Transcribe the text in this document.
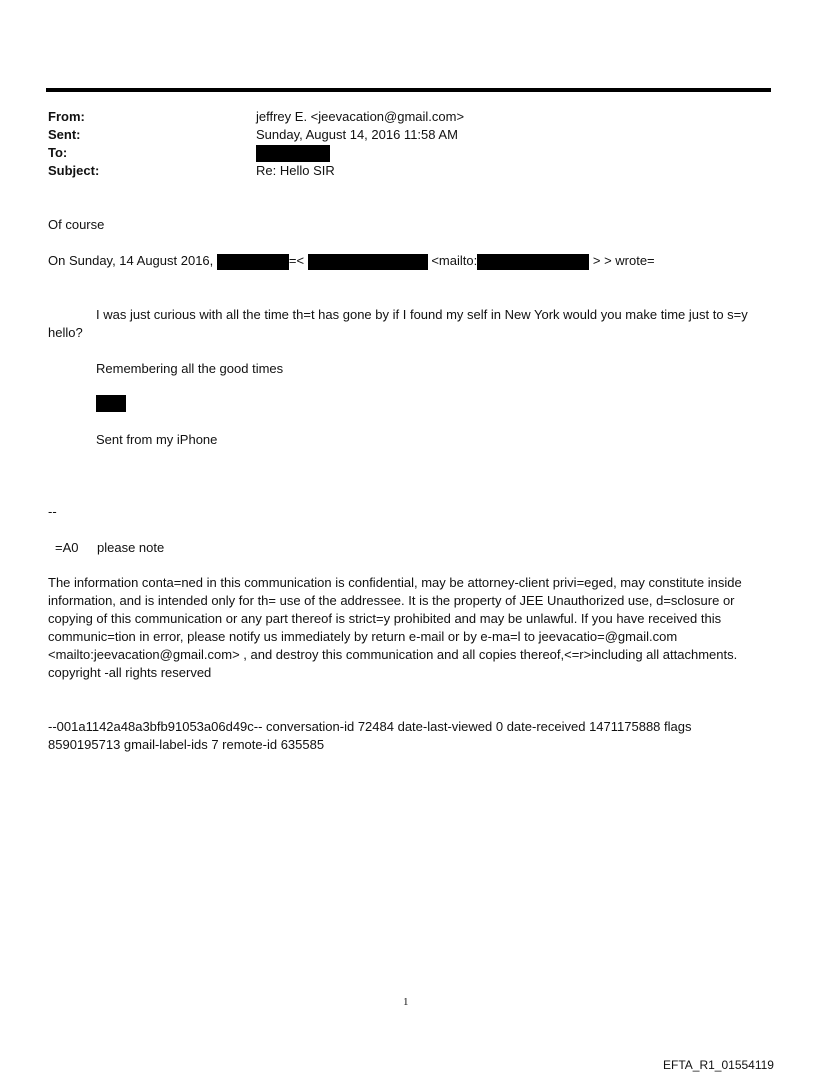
From:	jeffrey E. <jeevacation@gmail.com>
Sent:	Sunday, August 14, 2016 11:58 AM
To:
Subject:	Re: Hello SIR
Of course
On Sunday, 14 August 2016,	=<	<mailto:	> > wrote=
I was just curious with all the time th=t has gone by if I found my self in New York would you make time just to s=y hello?
Remembering all the good times
Sent from my iPhone
--
=A0 please note
The information conta=ned in this communication is confidential, may be attorney-client privi=eged, may constitute inside information, and is intended only for th= use of the addressee. It is the property of JEE Unauthorized use, d=sclosure or copying of this communication or any part thereof is strict=y prohibited and may be unlawful. If you have received this communic=tion in error, please notify us immediately by return e-mail or by e-ma=l to jeevacatio=@gmail.com <mailto:jeevacation@gmail.com> , and destroy this communication and all copies thereof,<=r>including all attachments. copyright -all rights reserved
--001a1142a48a3bfb91053a06d49c-- conversation-id 72484 date-last-viewed 0 date-received 1471175888 flags 8590195713 gmail-label-ids 7 remote-id 635585
1
EFTA_R1_01554119
